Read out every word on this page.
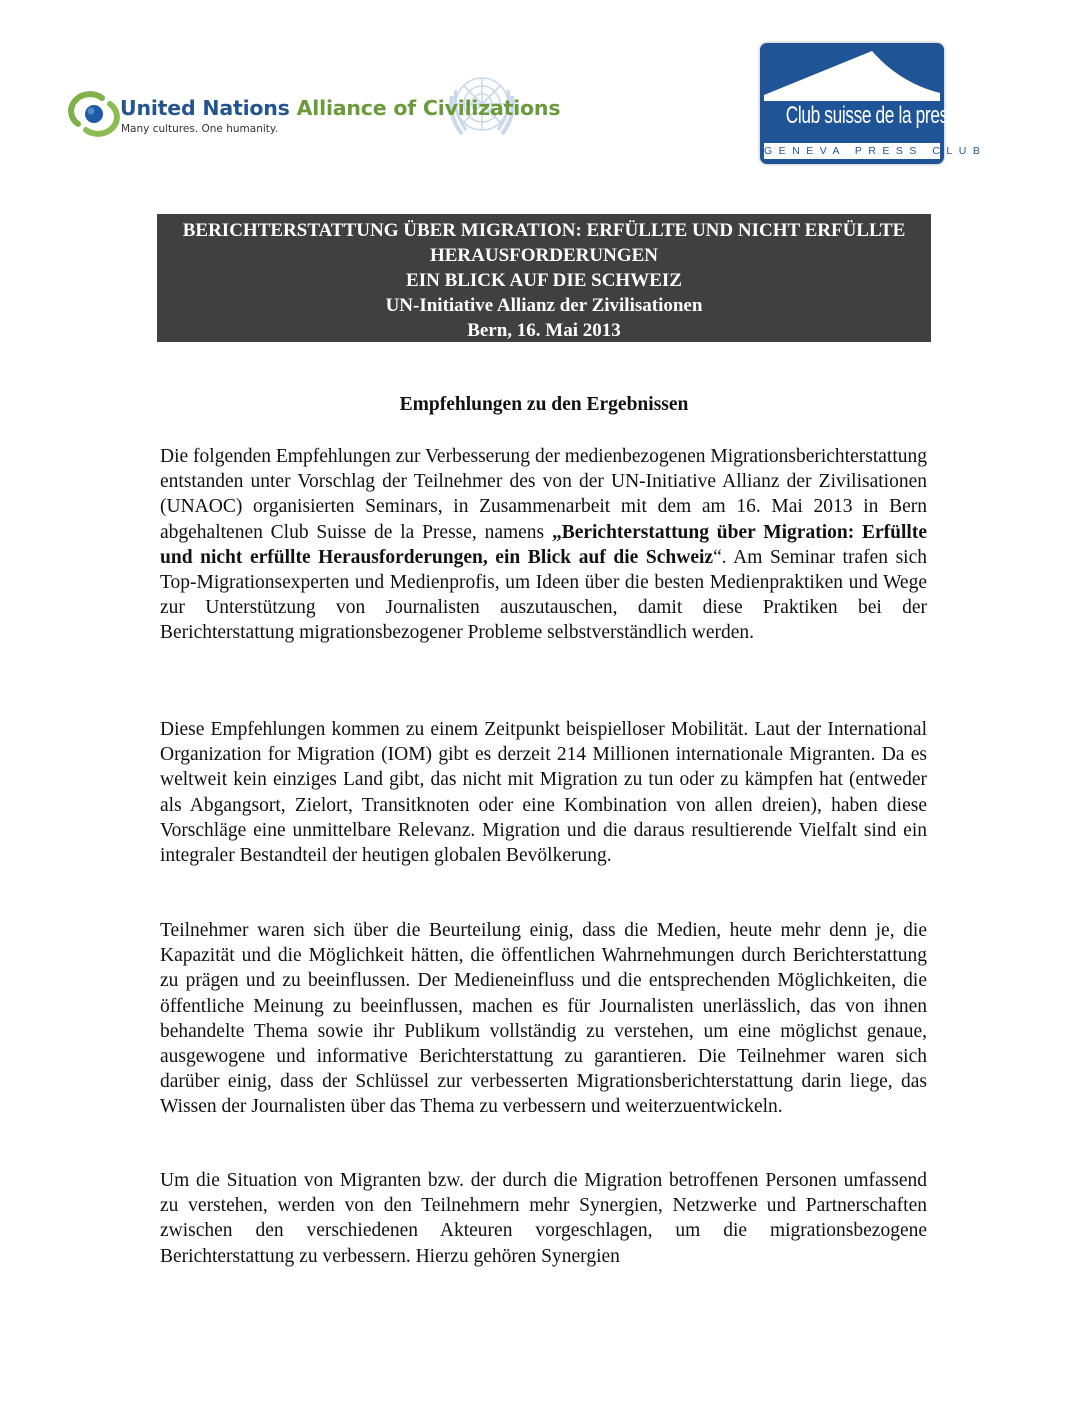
United Nations Alliance of Civilizations
Many cultures. One humanity.	Club suisse de la presse
GENEVA PRESS CLUB
BERICHTERSTATTUNG ÜBER MIGRATION: ERFÜLLTE UND NICHT ERFÜLLTE
HERAUSFORDERUNGEN
EIN BLICK AUF DIE SCHWEIZ
UN-Initiative Allianz der Zivilisationen
Bern, 16. Mai 2013
Empfehlungen zu den Ergebnissen
Die folgenden Empfehlungen zur Verbesserung der medienbezogenen Migrationsberichterstattung entstanden unter Vorschlag der Teilnehmer des von der UN-Initiative Allianz der Zivilisationen (UNAOC) organisierten Seminars, in Zusammenarbeit mit dem am 16. Mai 2013 in Bern abgehaltenen Club Suisse de la Presse, namens „Berichterstattung über Migration: Erfüllte und nicht erfüllte Herausforderungen, ein Blick auf die Schweiz“. Am Seminar trafen sich Top-Migrationsexperten und Medienprofis, um Ideen über die besten Medienpraktiken und Wege zur Unterstützung von Journalisten auszutauschen, damit diese Praktiken bei der Berichterstattung migrationsbezogener Probleme selbstverständlich werden.
Diese Empfehlungen kommen zu einem Zeitpunkt beispielloser Mobilität. Laut der International Organization for Migration (IOM) gibt es derzeit 214 Millionen internationale Migranten. Da es weltweit kein einziges Land gibt, das nicht mit Migration zu tun oder zu kämpfen hat (entweder als Abgangsort, Zielort, Transitknoten oder eine Kombination von allen dreien), haben diese Vorschläge eine unmittelbare Relevanz. Migration und die daraus resultierende Vielfalt sind ein integraler Bestandteil der heutigen globalen Bevölkerung.
Teilnehmer waren sich über die Beurteilung einig, dass die Medien, heute mehr denn je, die Kapazität und die Möglichkeit hätten, die öffentlichen Wahrnehmungen durch Berichterstattung zu prägen und zu beeinflussen. Der Medieneinfluss und die entsprechenden Möglichkeiten, die öffentliche Meinung zu beeinflussen, machen es für Journalisten unerlässlich, das von ihnen behandelte Thema sowie ihr Publikum vollständig zu verstehen, um eine möglichst genaue, ausgewogene und informative Berichterstattung zu garantieren. Die Teilnehmer waren sich darüber einig, dass der Schlüssel zur verbesserten Migrationsberichterstattung darin liege, das Wissen der Journalisten über das Thema zu verbessern und weiterzuentwickeln.
Um die Situation von Migranten bzw. der durch die Migration betroffenen Personen umfassend zu verstehen, werden von den Teilnehmern mehr Synergien, Netzwerke und Partnerschaften zwischen den verschiedenen Akteuren vorgeschlagen, um die migrationsbezogene Berichterstattung zu verbessern. Hierzu gehören Synergien
